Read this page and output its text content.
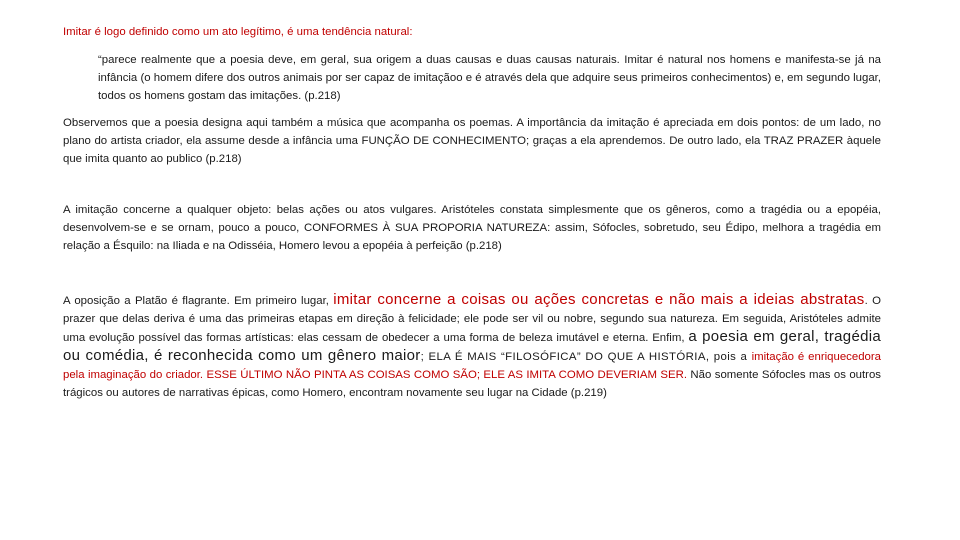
Imitar é logo definido como um ato legítimo, é uma tendência natural:

“parece realmente que a poesia deve, em geral, sua origem a duas causas e duas causas naturais. Imitar é natural nos homens e manifesta-se já na infância (o homem difere dos outros animais por ser capaz de imitaçãoo e é através dela que adquire seus primeiros conhecimentos) e, em segundo lugar, todos os homens gostam das imitações. (p.218)

Observemos que a poesia designa aqui também a música que acompanha os poemas. A importância da imitação é apreciada em dois pontos: de um lado, no plano do artista criador, ela assume desde a infância uma FUNÇÃO DE CONHECIMENTO; graças a ela aprendemos. De outro lado, ela TRAZ PRAZER àquele que imita quanto ao publico (p.218)

A imitação concerne a qualquer objeto: belas ações ou atos vulgares. Aristóteles constata simplesmente que os gêneros, como a tragédia ou a epopéia, desenvolvem-se e se ornam, pouco a pouco, CONFORMES À SUA PROPORIA NATUREZA: assim, Sófocles, sobretudo, seu Édipo, melhora a tragédia em relação a Ésquilo: na Iliada e na Odisséia, Homero levou a epopéia à perfeição (p.218)

A oposição a Platão é flagrante. Em primeiro lugar, imitar concerne a coisas ou ações concretas e não mais a ideias abstratas. O prazer que delas deriva é uma das primeiras etapas em direção à felicidade; ele pode ser vil ou nobre, segundo sua natureza. Em seguida, Aristóteles admite uma evolução possível das formas artísticas: elas cessam de obedecer a uma forma de beleza imutável e eterna. Enfim, a poesia em geral, tragédia ou comédia, é reconhecida como um gênero maior; ELA É MAIS “FILOSÓFICA” DO QUE A HISTÓRIA, pois a imitação é enriquecedora pela imaginação do criador. ESSE ÚLTIMO NÃO PINTA AS COISAS COMO SÃO; ELE AS IMITA COMO DEVERIAM SER. Não somente Sófocles mas os outros trágicos ou autores de narrativas épicas, como Homero, encontram novamente seu lugar na Cidade (p.219)
